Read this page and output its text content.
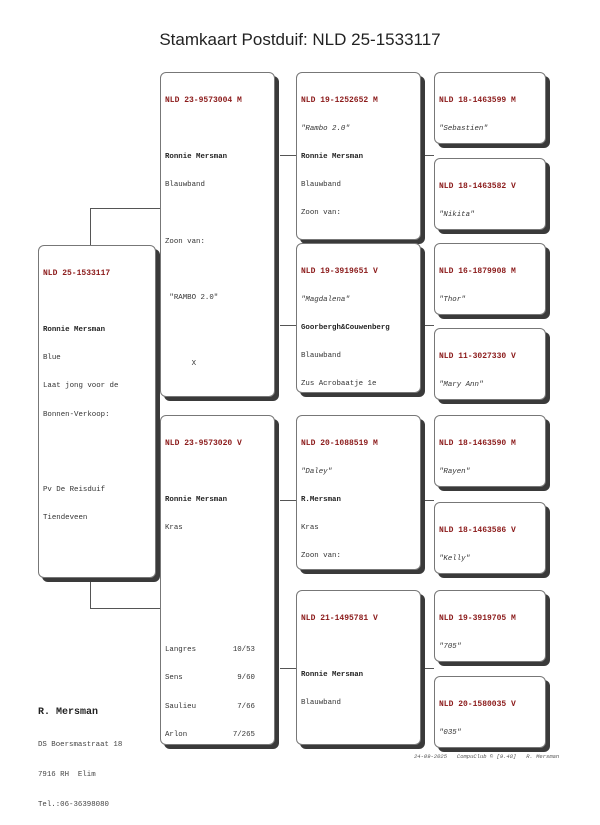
Stamkaart Postduif: NLD 25-1533117

NLD 25-1533117

Ronnie Mersman

Blue

Laat jong voor de

Bonnen-Verkoop:

Pv De Reisduif

Tiendeveen

NLD 23-9573004 M

Ronnie Mersman

Blauwband

Zoon van:

"RAMBO 2.0"

X

NLD 23-9573020 V

Ronnie Mersman

Kras

Langres	10/53

Sens	9/60

Saulieu	7/66

Arlon	7/265

NLD 19-1252652 M

"Rambo 2.0"

Ronnie Mersman

Blauwband

Zoon van:

NLD 19-3919651 V

"Magdalena"

Goorbergh&Couwenberg

Blauwband

Zus Acrobaatje 1e

NLD 20-1088519 M

"Daley"

R.Mersman

Kras

Zoon van:

NLD 21-1495781 V

Ronnie Mersman

Blauwband

NLD 18-1463599 M

"Sebastien"

NLD 18-1463582 V

"Nikita"

NLD 16-1879908 M

"Thor"

NLD 11-3027330 V

"Mary Ann"

NLD 18-1463590 M

"Rayen"

NLD 18-1463586 V

"Kelly"

NLD 19-3919705 M

"705"

NLD 20-1580035 V

"035"

R. Mersman

DS Boersmastraat 18

7916 RH  Elim

Tel.:06-36398080

24-09-2025   CompuClub © [9.48]   R. Mersman
